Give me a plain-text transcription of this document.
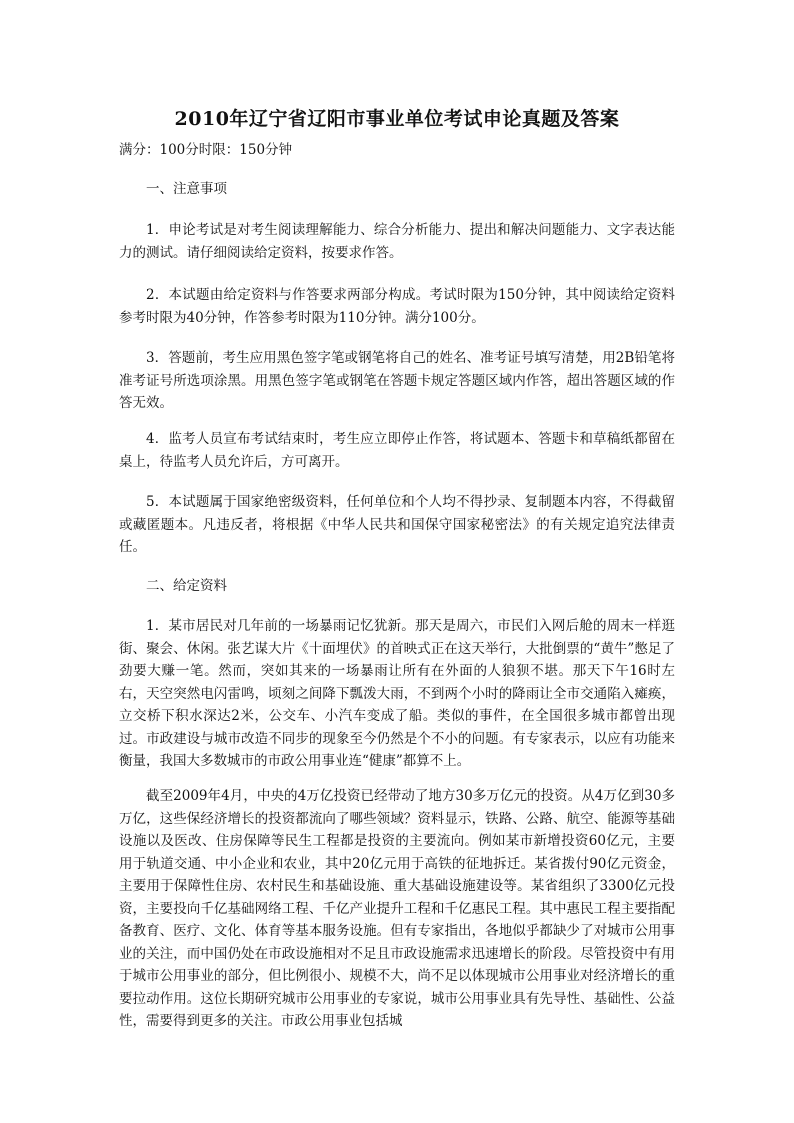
2010年辽宁省辽阳市事业单位考试申论真题及答案

满分：100分时限：150分钟

一、注意事项

1．申论考试是对考生阅读理解能力、综合分析能力、提出和解决问题能力、文字表达能力的测试。请仔细阅读给定资料，按要求作答。

2．本试题由给定资料与作答要求两部分构成。考试时限为150分钟，其中阅读给定资料参考时限为40分钟，作答参考时限为110分钟。满分100分。

3．答题前，考生应用黑色签字笔或钢笔将自己的姓名、准考证号填写清楚，用2B铅笔将准考证号所选项涂黑。用黑色签字笔或钢笔在答题卡规定答题区域内作答，超出答题区域的作答无效。

4．监考人员宣布考试结束时，考生应立即停止作答，将试题本、答题卡和草稿纸都留在桌上，待监考人员允许后，方可离开。

5．本试题属于国家绝密级资料，任何单位和个人均不得抄录、复制题本内容，不得截留或藏匿题本。凡违反者，将根据《中华人民共和国保守国家秘密法》的有关规定追究法律责任。

二、给定资料

1．某市居民对几年前的一场暴雨记忆犹新。那天是周六，市民们入网后舱的周末一样逛街、聚会、休闲。张艺谋大片《十面埋伏》的首映式正在这天举行，大批倒票的“黄牛”憋足了劲要大赚一笔。然而，突如其来的一场暴雨让所有在外面的人狼狈不堪。那天下午16时左右，天空突然电闪雷鸣，顷刻之间降下瓢泼大雨，不到两个小时的降雨让全市交通陷入瘫痪，立交桥下积水深达2米，公交车、小汽车变成了船。类似的事件，在全国很多城市都曾出现过。市政建设与城市改造不同步的现象至今仍然是个不小的问题。有专家表示，以应有功能来衡量，我国大多数城市的市政公用事业连“健康”都算不上。

截至2009年4月，中央的4万亿投资已经带动了地方30多万亿元的投资。从4万亿到30多万亿，这些保经济增长的投资都流向了哪些领域？资料显示，铁路、公路、航空、能源等基础设施以及医改、住房保障等民生工程都是投资的主要流向。例如某市新增投资60亿元，主要用于轨道交通、中小企业和农业，其中20亿元用于高铁的征地拆迁。某省拨付90亿元资金，主要用于保障性住房、农村民生和基础设施、重大基础设施建设等。某省组织了3300亿元投资，主要投向千亿基础网络工程、千亿产业提升工程和千亿惠民工程。其中惠民工程主要指配备教育、医疗、文化、体育等基本服务设施。但有专家指出，各地似乎都缺少了对城市公用事业的关注，而中国仍处在市政设施相对不足且市政设施需求迅速增长的阶段。尽管投资中有用于城市公用事业的部分，但比例很小、规模不大，尚不足以体现城市公用事业对经济增长的重要拉动作用。这位长期研究城市公用事业的专家说，城市公用事业具有先导性、基础性、公益性，需要得到更多的关注。市政公用事业包括城
